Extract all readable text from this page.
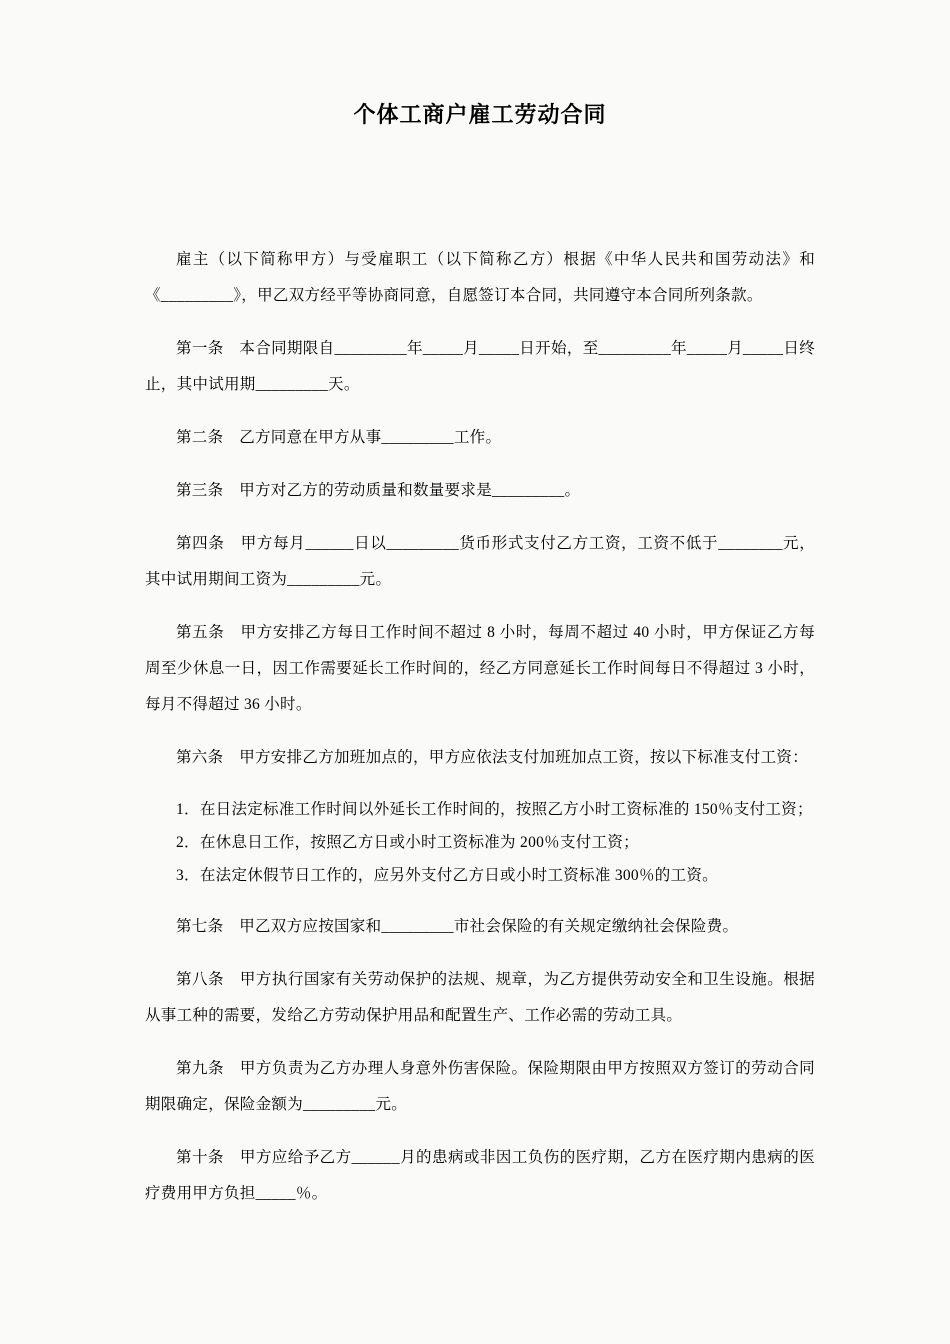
个体工商户雇工劳动合同

雇主（以下简称甲方）与受雇职工（以下简称乙方）根据《中华人民共和国劳动法》和《_________》，甲乙双方经平等协商同意，自愿签订本合同，共同遵守本合同所列条款。

第一条　本合同期限自_________年_____月_____日开始，至_________年_____月_____日终止，其中试用期_________天。

第二条　乙方同意在甲方从事_________工作。

第三条　甲方对乙方的劳动质量和数量要求是_________。

第四条　甲方每月______日以_________货币形式支付乙方工资，工资不低于________元，其中试用期间工资为_________元。

第五条　甲方安排乙方每日工作时间不超过 8 小时，每周不超过 40 小时，甲方保证乙方每周至少休息一日，因工作需要延长工作时间的，经乙方同意延长工作时间每日不得超过 3 小时，每月不得超过 36 小时。

第六条　甲方安排乙方加班加点的，甲方应依法支付加班加点工资，按以下标准支付工资：

1．在日法定标准工作时间以外延长工作时间的，按照乙方小时工资标准的 150％支付工资；

2．在休息日工作，按照乙方日或小时工资标准为 200％支付工资；

3．在法定休假节日工作的，应另外支付乙方日或小时工资标准 300％的工资。

第七条　甲乙双方应按国家和_________市社会保险的有关规定缴纳社会保险费。

第八条　甲方执行国家有关劳动保护的法规、规章，为乙方提供劳动安全和卫生设施。根据从事工种的需要，发给乙方劳动保护用品和配置生产、工作必需的劳动工具。

第九条　甲方负责为乙方办理人身意外伤害保险。保险期限由甲方按照双方签订的劳动合同期限确定，保险金额为_________元。

第十条　甲方应给予乙方______月的患病或非因工负伤的医疗期，乙方在医疗期内患病的医疗费用甲方负担_____％。
